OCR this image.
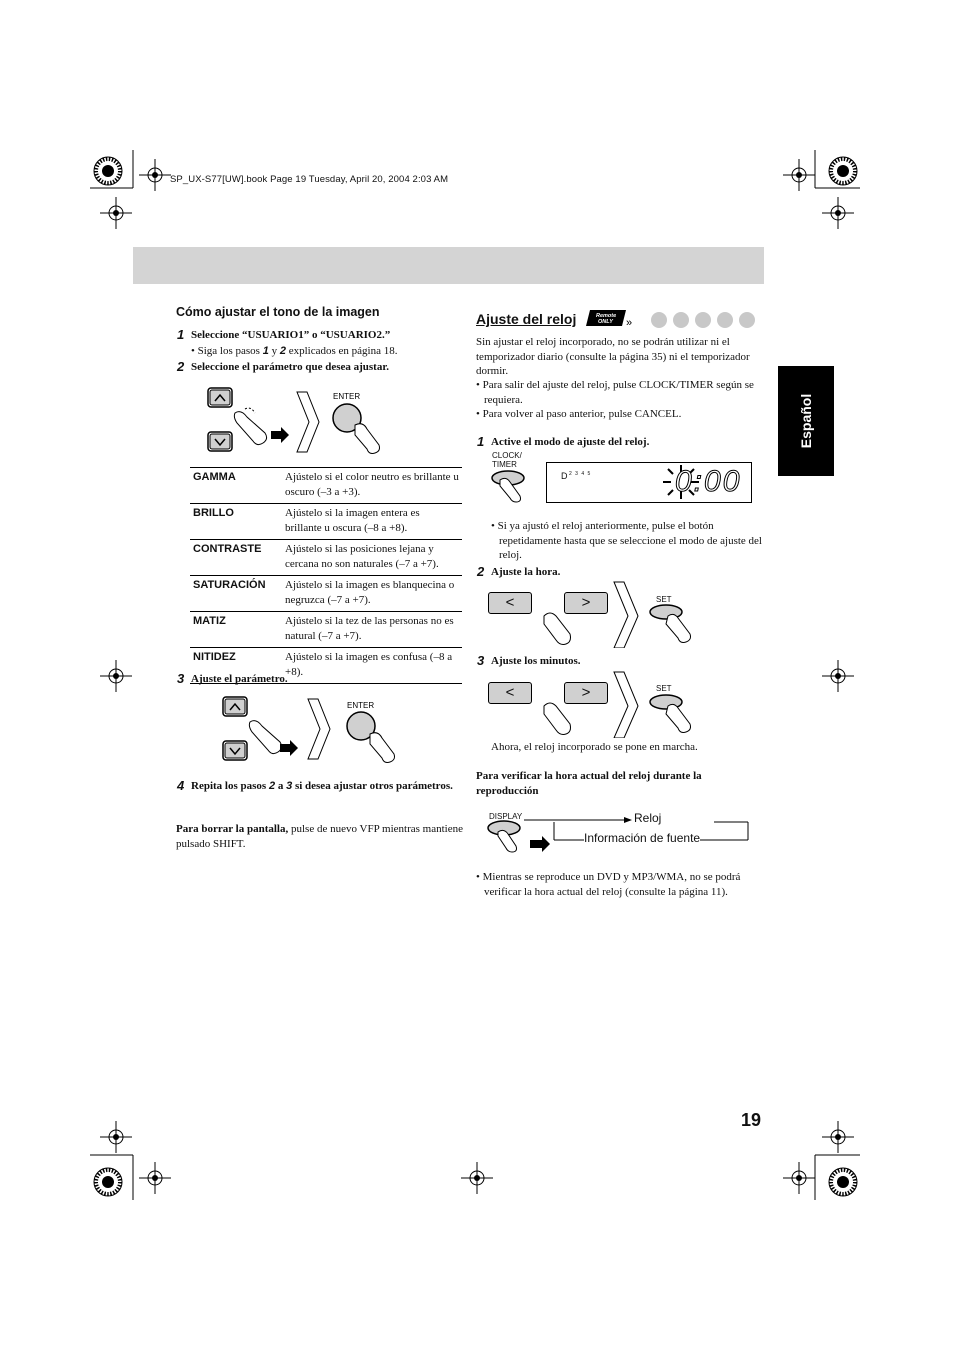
SP_UX-S77[UW].book Page 19 Tuesday, April 20, 2004 2:03 AM
Español
Cómo ajustar el tono de la imagen
1 Seleccione “USUARIO1” o “USUARIO2.”
• Siga los pasos 1 y 2 explicados en página 18.
2 Seleccione el parámetro que desea ajustar.
ENTER
GAMMA	Ajústelo si el color neutro es brillante u oscuro (–3 a +3).
BRILLO	Ajústelo si la imagen entera es brillante u oscura (–8 a +8).
CONTRASTE	Ajústelo si las posiciones lejana y cercana no son naturales (–7 a +7).
SATURACIÓN	Ajústelo si la imagen es blanquecina o negruzca (–7 a +7).
MATIZ	Ajústelo si la tez de las personas no es natural (–7 a +7).
NITIDEZ	Ajústelo si la imagen es confusa (–8 a +8).
3 Ajuste el parámetro.
ENTER
4 Repita los pasos 2 a 3 si desea ajustar otros parámetros.
Para borrar la pantalla, pulse de nuevo VFP mientras mantiene pulsado SHIFT.
Ajuste del reloj	Remote
ONLY »
Sin ajustar el reloj incorporado, no se podrán utilizar ni el temporizador diario (consulte la página 35) ni el temporizador dormir.
• Para salir del ajuste del reloj, pulse CLOCK/TIMER según se requiera.
• Para volver al paso anterior, pulse CANCEL.
1 Active el modo de ajuste del reloj.
CLOCK/ TIMER
D 2 3 4 5	0:00
• Si ya ajustó el reloj anteriormente, pulse el botón repetidamente hasta que se seleccione el modo de ajuste del reloj.
2 Ajuste la hora.
<	>	SET
3 Ajuste los minutos.
<	>	SET
Ahora, el reloj incorporado se pone en marcha.
Para verificar la hora actual del reloj durante la reproducción
DISPLAY	Reloj
Información de fuente
• Mientras se reproduce un DVD y MP3/WMA, no se podrá verificar la hora actual del reloj (consulte la página 11).
19
